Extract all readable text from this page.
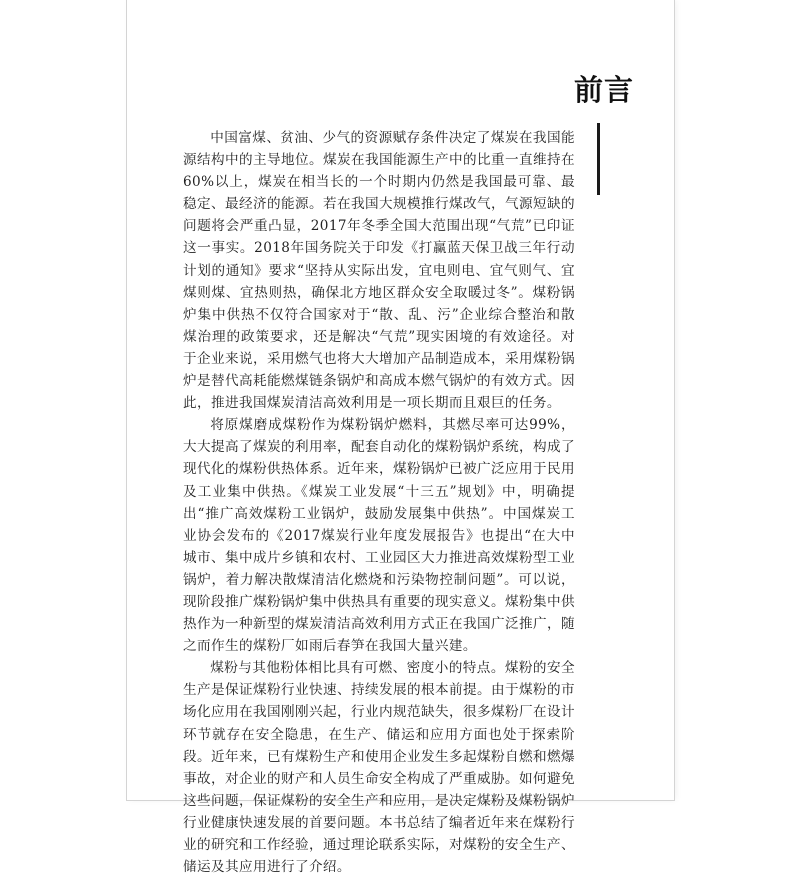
前言

中国富煤、贫油、少气的资源赋存条件决定了煤炭在我国能源结构中的主导地位。煤炭在我国能源生产中的比重一直维持在60%以上，煤炭在相当长的一个时期内仍然是我国最可靠、最稳定、最经济的能源。若在我国大规模推行煤改气，气源短缺的问题将会严重凸显，2017年冬季全国大范围出现“气荒”已印证这一事实。2018年国务院关于印发《打赢蓝天保卫战三年行动计划的通知》要求“坚持从实际出发，宜电则电、宜气则气、宜煤则煤、宜热则热，确保北方地区群众安全取暖过冬”。煤粉锅炉集中供热不仅符合国家对于“散、乱、污”企业综合整治和散煤治理的政策要求，还是解决“气荒”现实困境的有效途径。对于企业来说，采用燃气也将大大增加产品制造成本，采用煤粉锅炉是替代高耗能燃煤链条锅炉和高成本燃气锅炉的有效方式。因此，推进我国煤炭清洁高效利用是一项长期而且艰巨的任务。

将原煤磨成煤粉作为煤粉锅炉燃料，其燃尽率可达99%，大大提高了煤炭的利用率，配套自动化的煤粉锅炉系统，构成了现代化的煤粉供热体系。近年来，煤粉锅炉已被广泛应用于民用及工业集中供热。《煤炭工业发展“十三五”规划》中，明确提出“推广高效煤粉工业锅炉，鼓励发展集中供热”。中国煤炭工业协会发布的《2017煤炭行业年度发展报告》也提出“在大中城市、集中成片乡镇和农村、工业园区大力推进高效煤粉型工业锅炉，着力解决散煤清洁化燃烧和污染物控制问题”。可以说，现阶段推广煤粉锅炉集中供热具有重要的现实意义。煤粉集中供热作为一种新型的煤炭清洁高效利用方式正在我国广泛推广，随之而作生的煤粉厂如雨后春笋在我国大量兴建。

煤粉与其他粉体相比具有可燃、密度小的特点。煤粉的安全生产是保证煤粉行业快速、持续发展的根本前提。由于煤粉的市场化应用在我国刚刚兴起，行业内规范缺失，很多煤粉厂在设计环节就存在安全隐患，在生产、储运和应用方面也处于探索阶段。近年来，已有煤粉生产和使用企业发生多起煤粉自燃和燃爆事故，对企业的财产和人员生命安全构成了严重威胁。如何避免这些问题，保证煤粉的安全生产和应用，是决定煤粉及煤粉锅炉行业健康快速发展的首要问题。本书总结了编者近年来在煤粉行业的研究和工作经验，通过理论联系实际，对煤粉的安全生产、储运及其应用进行了介绍。
